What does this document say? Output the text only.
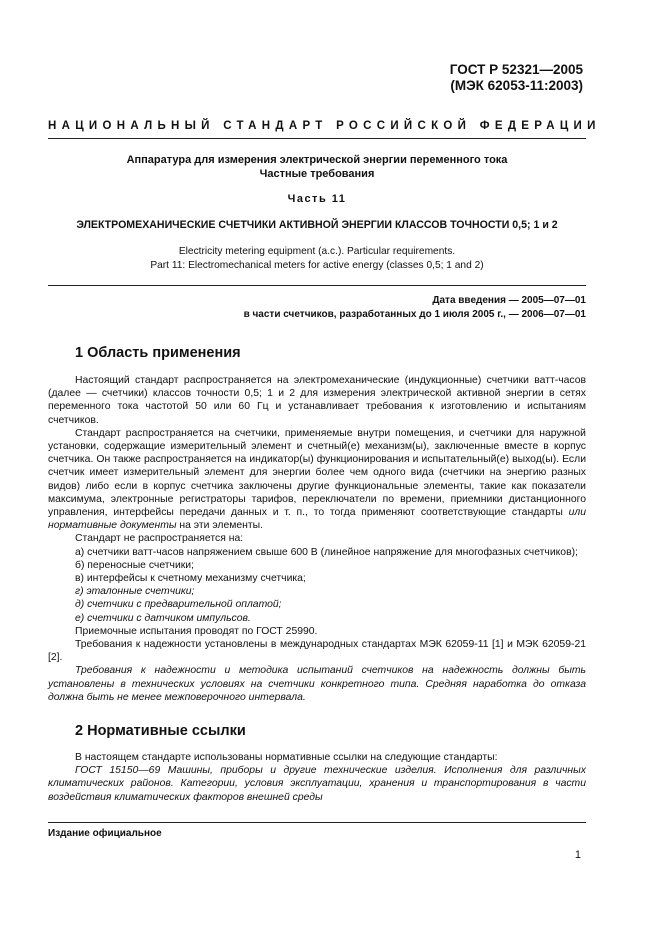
ГОСТ Р 52321—2005
(МЭК 62053-11:2003)
НАЦИОНАЛЬНЫЙ СТАНДАРТ РОССИЙСКОЙ ФЕДЕРАЦИИ
Аппаратура для измерения электрической энергии переменного тока
Частные требования
Часть 11
ЭЛЕКТРОМЕХАНИЧЕСКИЕ СЧЕТЧИКИ АКТИВНОЙ ЭНЕРГИИ КЛАССОВ ТОЧНОСТИ 0,5; 1 и 2
Electricity metering equipment (a.c.). Particular requirements.
Part 11: Electromechanical meters for active energy (classes 0,5; 1 and 2)
Дата введения — 2005—07—01
в части счетчиков, разработанных до 1 июля 2005 г., — 2006—07—01
1 Область применения

Настоящий стандарт распространяется на электромеханические (индукционные) счетчики ватт-часов (далее — счетчики) классов точности 0,5; 1 и 2 для измерения электрической активной энергии в сетях переменного тока частотой 50 или 60 Гц и устанавливает требования к изготовлению и испытаниям счетчиков.

Стандарт распространяется на счетчики, применяемые внутри помещения, и счетчики для наружной установки, содержащие измерительный элемент и счетный(е) механизм(ы), заключенные вместе в корпус счетчика. Он также распространяется на индикатор(ы) функционирования и испытательный(е) выход(ы). Если счетчик имеет измерительный элемент для энергии более чем одного вида (счетчики на энергию разных видов) либо если в корпус счетчика заключены другие функциональные элементы, такие как показатели максимума, электронные регистраторы тарифов, переключатели по времени, приемники дистанционного управления, интерфейсы передачи данных и т. п., то тогда применяют соответствующие стандарты или нормативные документы на эти элементы.

Стандарт не распространяется на:

а) счетчики ватт-часов напряжением свыше 600 В (линейное напряжение для многофазных счетчиков);

б) переносные счетчики;

в) интерфейсы к счетному механизму счетчика;

г) эталонные счетчики;

д) счетчики с предварительной оплатой;

е) счетчики с датчиком импульсов.

Приемочные испытания проводят по ГОСТ 25990.

Требования к надежности установлены в международных стандартах МЭК 62059-11 [1] и МЭК 62059-21 [2].

Требования к надежности и методика испытаний счетчиков на надежность должны быть установлены в технических условиях на счетчики конкретного типа. Средняя наработка до отказа должна быть не менее межповерочного интервала.

2 Нормативные ссылки

В настоящем стандарте использованы нормативные ссылки на следующие стандарты:

ГОСТ 15150—69 Машины, приборы и другие технические изделия. Исполнения для различных климатических районов. Категории, условия эксплуатации, хранения и транспортирования в части воздействия климатических факторов внешней среды

Издание официальное
1
